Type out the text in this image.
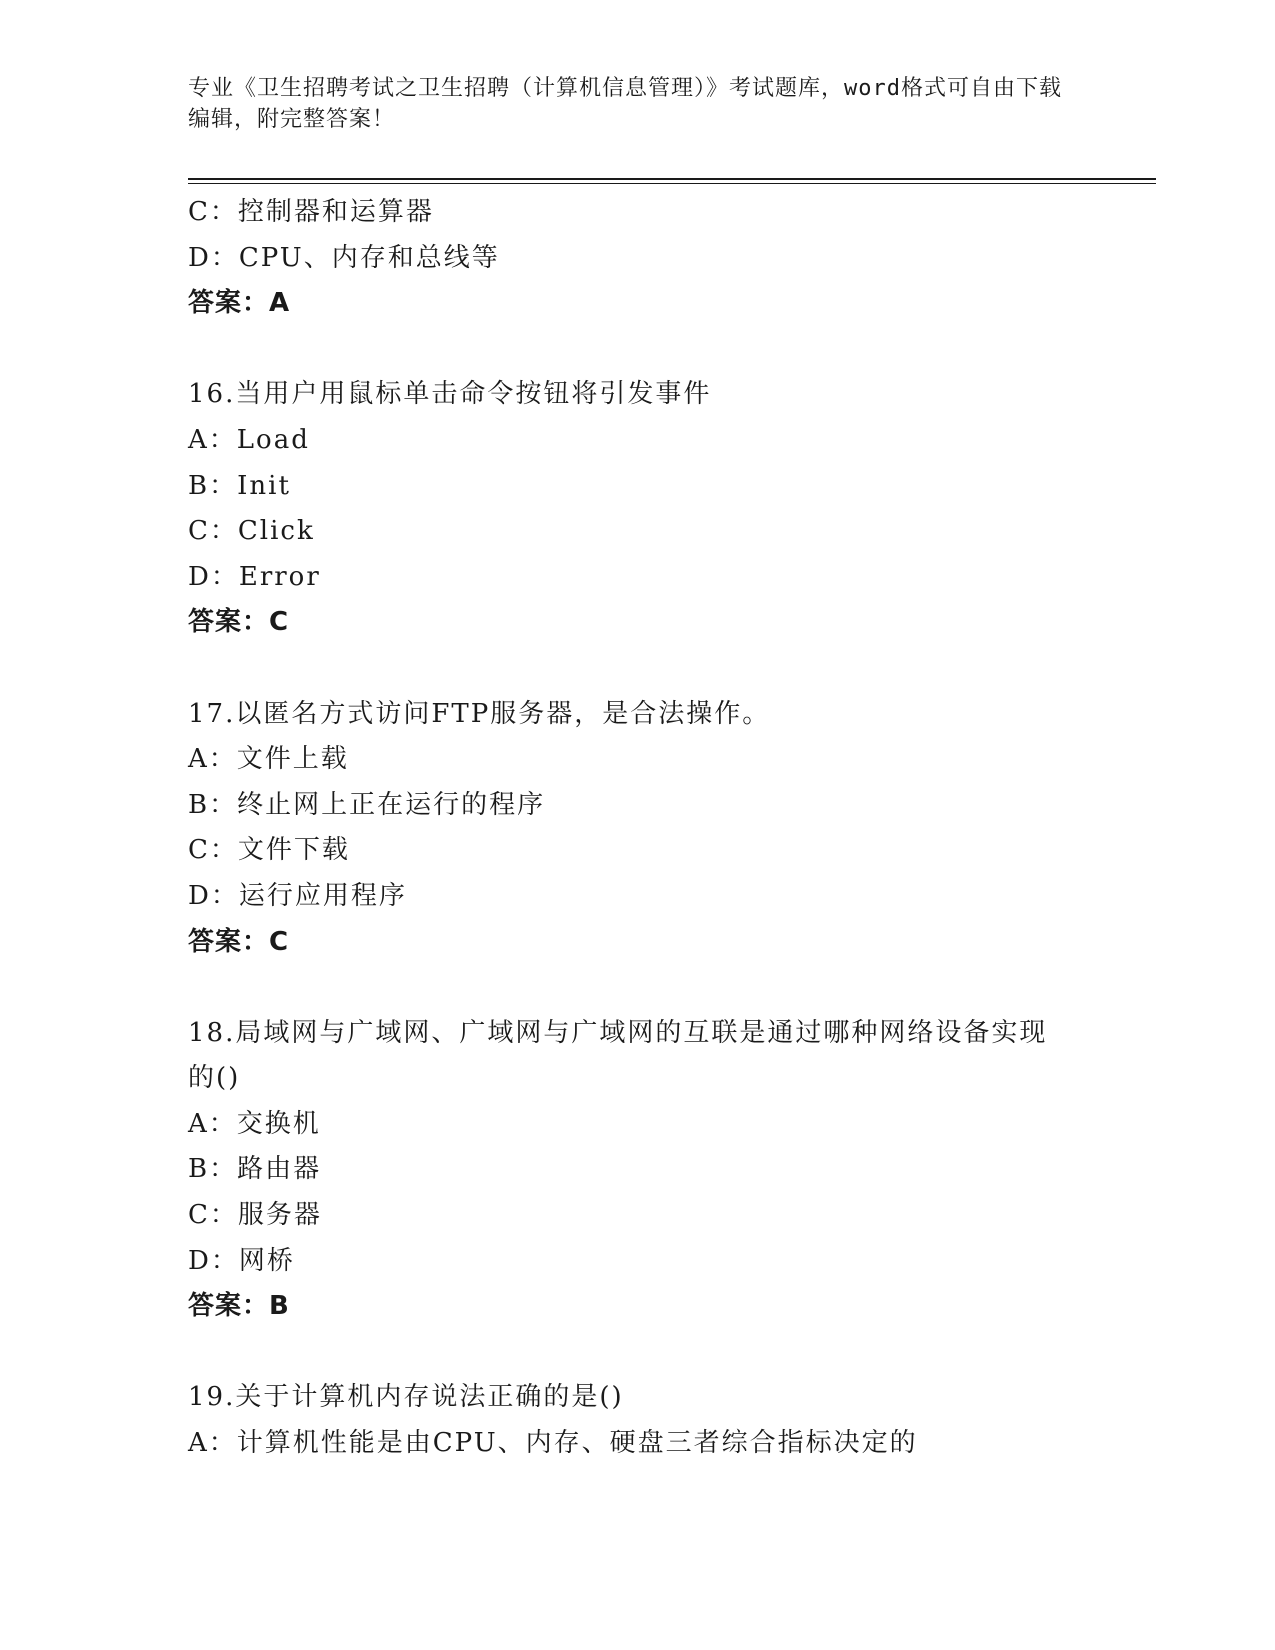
专业《卫生招聘考试之卫生招聘（计算机信息管理）》考试题库，word格式可自由下载编辑，附完整答案！
C：控制器和运算器
D：CPU、内存和总线等
答案：A
16.当用户用鼠标单击命令按钮将引发事件
A：Load
B：Init
C：Click
D：Error
答案：C
17.以匿名方式访问FTP服务器，是合法操作。
A：文件上载
B：终止网上正在运行的程序
C：文件下载
D：运行应用程序
答案：C
18.局域网与广域网、广域网与广域网的互联是通过哪种网络设备实现的()
A：交换机
B：路由器
C：服务器
D：网桥
答案：B
19.关于计算机内存说法正确的是()
A：计算机性能是由CPU、内存、硬盘三者综合指标决定的
